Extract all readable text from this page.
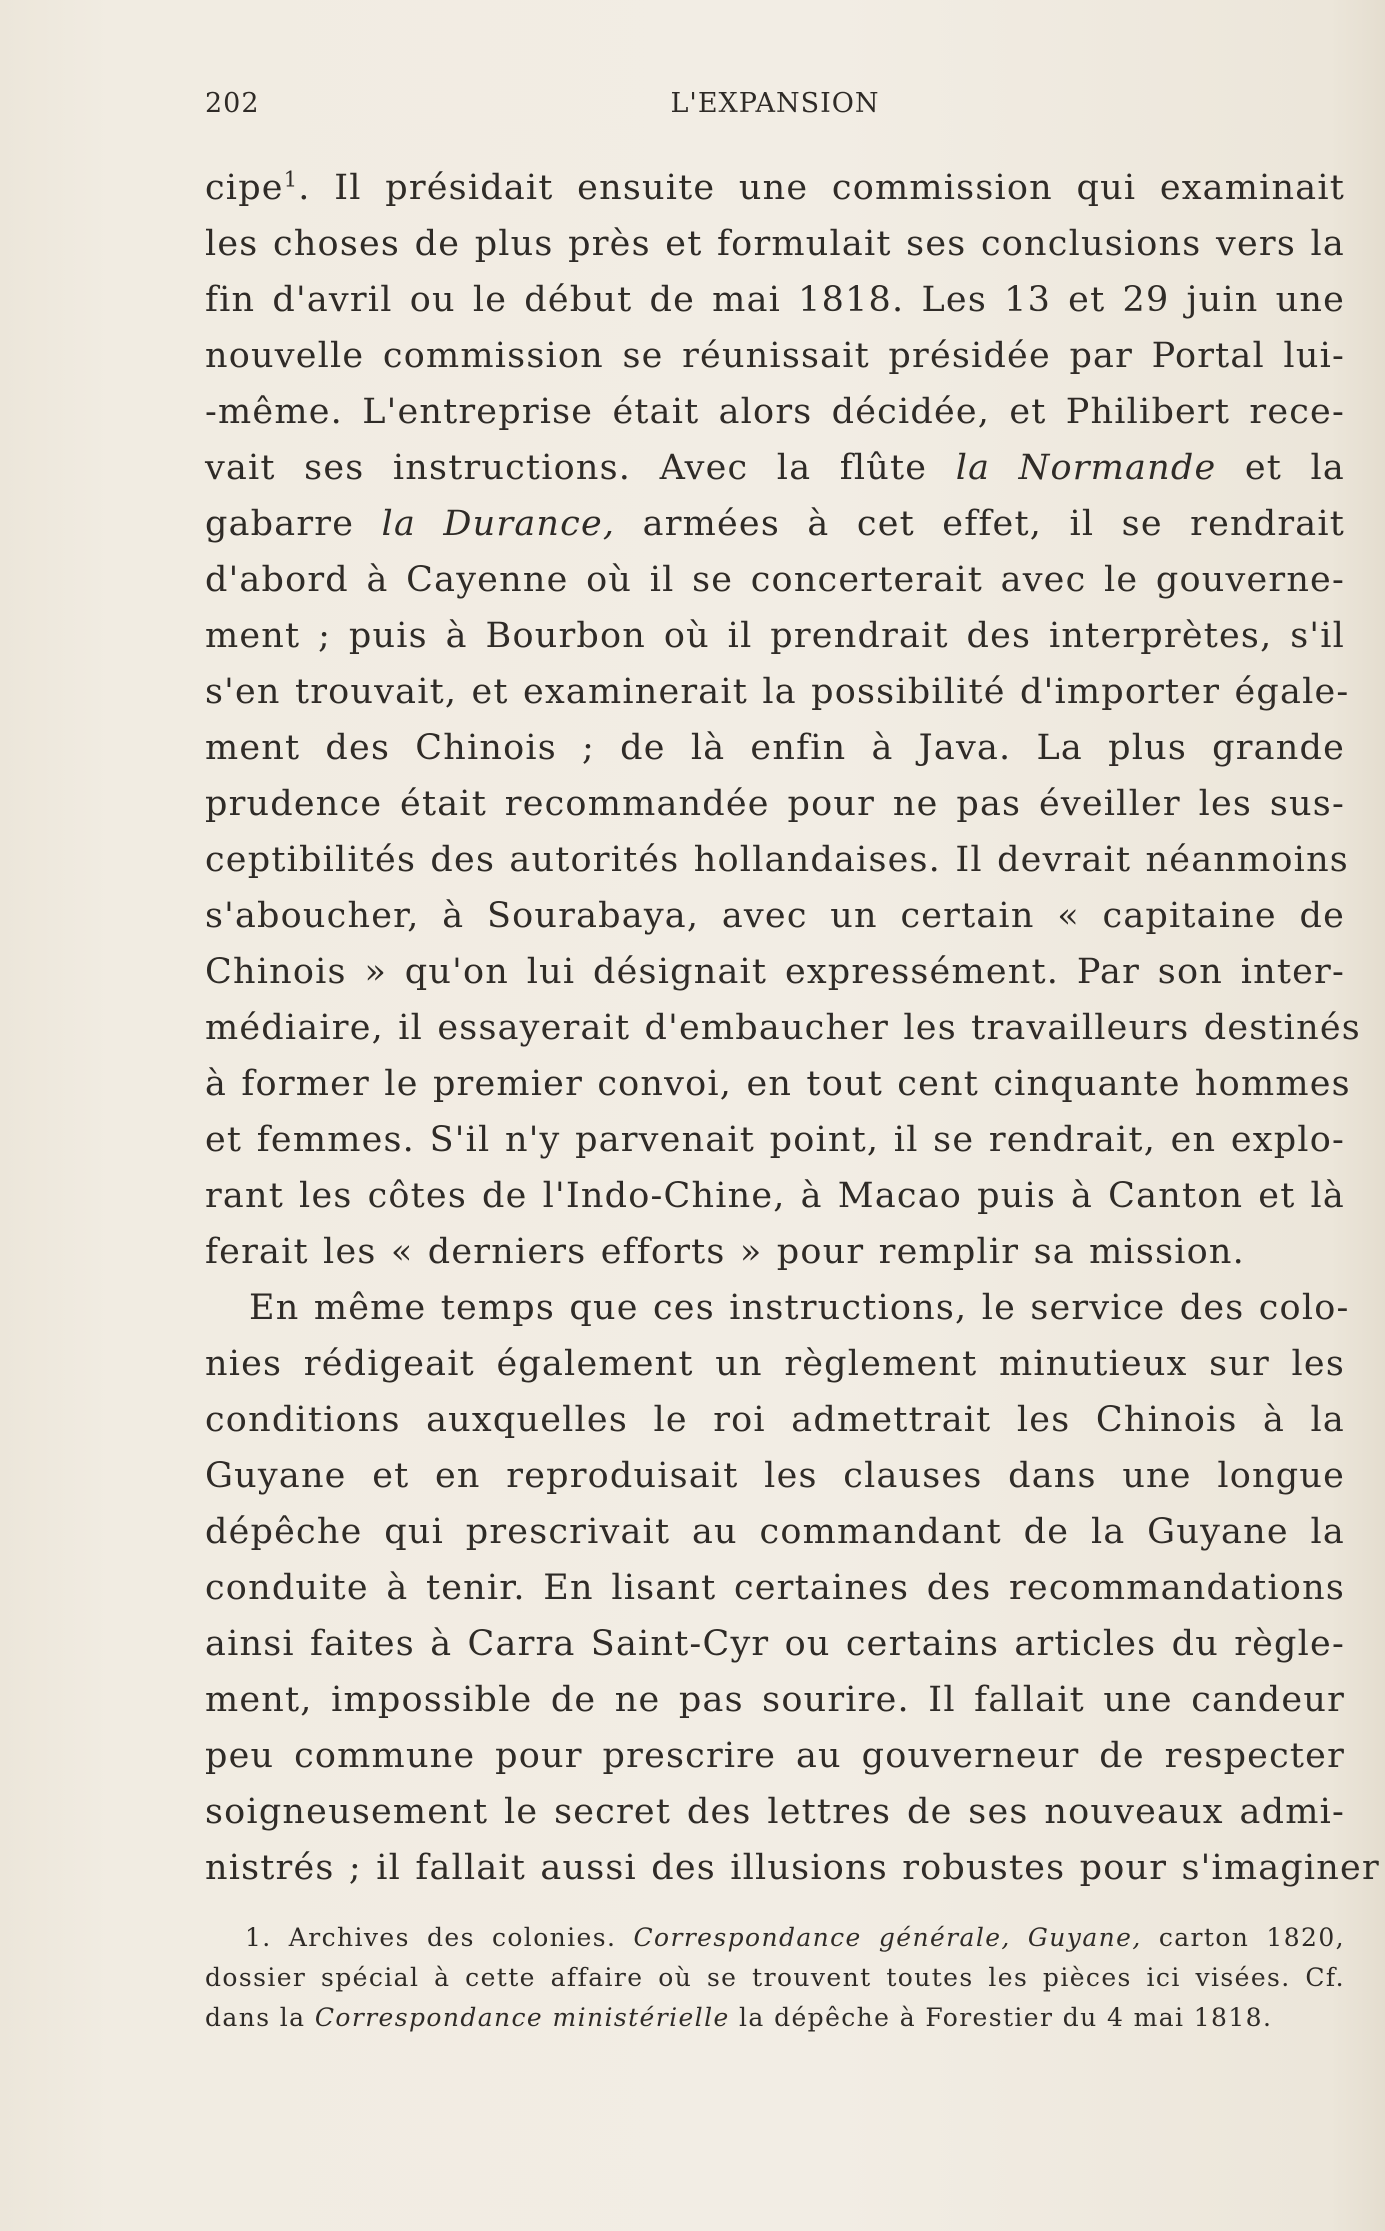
202	L'EXPANSION
cipe$^1$. Il présidait ensuite une commission qui examinait
les choses de plus près et formulait ses conclusions vers la
fin d'avril ou le début de mai 1818. Les 13 et 29 juin une
nouvelle commission se réunissait présidée par Portal lui-
-même. L'entreprise était alors décidée, et Philibert rece-
vait ses instructions. Avec la flûte la Normande et la
gabarre la Durance, armées à cet effet, il se rendrait
d'abord à Cayenne où il se concerterait avec le gouverne-
ment ; puis à Bourbon où il prendrait des interprètes, s'il
s'en trouvait, et examinerait la possibilité d'importer égale-
ment des Chinois ; de là enfin à Java. La plus grande
prudence était recommandée pour ne pas éveiller les sus-
ceptibilités des autorités hollandaises. Il devrait néanmoins
s'aboucher, à Sourabaya, avec un certain « capitaine de
Chinois » qu'on lui désignait expressément. Par son inter-
médiaire, il essayerait d'embaucher les travailleurs destinés
à former le premier convoi, en tout cent cinquante hommes
et femmes. S'il n'y parvenait point, il se rendrait, en explo-
rant les côtes de l'Indo-Chine, à Macao puis à Canton et là
ferait les « derniers efforts » pour remplir sa mission.
En même temps que ces instructions, le service des colo-
nies rédigeait également un règlement minutieux sur les
conditions auxquelles le roi admettrait les Chinois à la
Guyane et en reproduisait les clauses dans une longue
dépêche qui prescrivait au commandant de la Guyane la
conduite à tenir. En lisant certaines des recommandations
ainsi faites à Carra Saint-Cyr ou certains articles du règle-
ment, impossible de ne pas sourire. Il fallait une candeur
peu commune pour prescrire au gouverneur de respecter
soigneusement le secret des lettres de ses nouveaux admi-
nistrés ; il fallait aussi des illusions robustes pour s'imaginer
1. Archives des colonies. Correspondance générale, Guyane, carton 1820,
dossier spécial à cette affaire où se trouvent toutes les pièces ici visées. Cf.
dans la Correspondance ministérielle la dépêche à Forestier du 4 mai 1818.
